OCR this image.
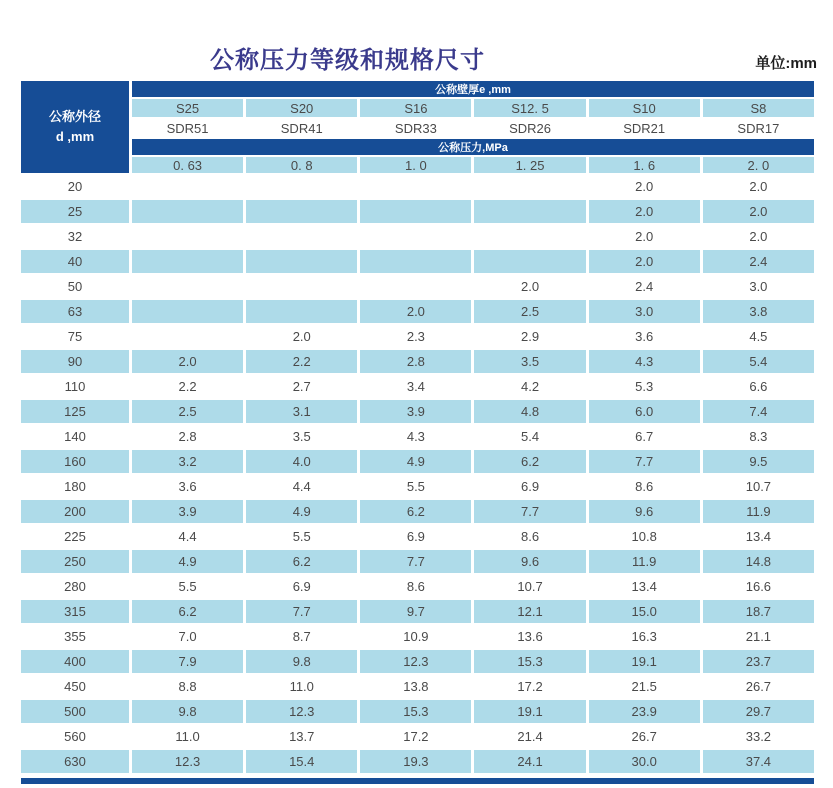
公称压力等级和规格尺寸	单位:mm
公称外径
d ,mm	公称壁厚e ,mm					
	S25	S20	S16	S12. 5	S10	S8
	SDR51	SDR41	SDR33	SDR26	SDR21	SDR17
	公称压力,MPa					
	0. 63	0. 8	1. 0	1. 25	1. 6	2. 0
20					2.0	2.0
25					2.0	2.0
32					2.0	2.0
40					2.0	2.4
50				2.0	2.4	3.0
63			2.0	2.5	3.0	3.8
75		2.0	2.3	2.9	3.6	4.5
90	2.0	2.2	2.8	3.5	4.3	5.4
110	2.2	2.7	3.4	4.2	5.3	6.6
125	2.5	3.1	3.9	4.8	6.0	7.4
140	2.8	3.5	4.3	5.4	6.7	8.3
160	3.2	4.0	4.9	6.2	7.7	9.5
180	3.6	4.4	5.5	6.9	8.6	10.7
200	3.9	4.9	6.2	7.7	9.6	11.9
225	4.4	5.5	6.9	8.6	10.8	13.4
250	4.9	6.2	7.7	9.6	11.9	14.8
280	5.5	6.9	8.6	10.7	13.4	16.6
315	6.2	7.7	9.7	12.1	15.0	18.7
355	7.0	8.7	10.9	13.6	16.3	21.1
400	7.9	9.8	12.3	15.3	19.1	23.7
450	8.8	11.0	13.8	17.2	21.5	26.7
500	9.8	12.3	15.3	19.1	23.9	29.7
560	11.0	13.7	17.2	21.4	26.7	33.2
630	12.3	15.4	19.3	24.1	30.0	37.4
